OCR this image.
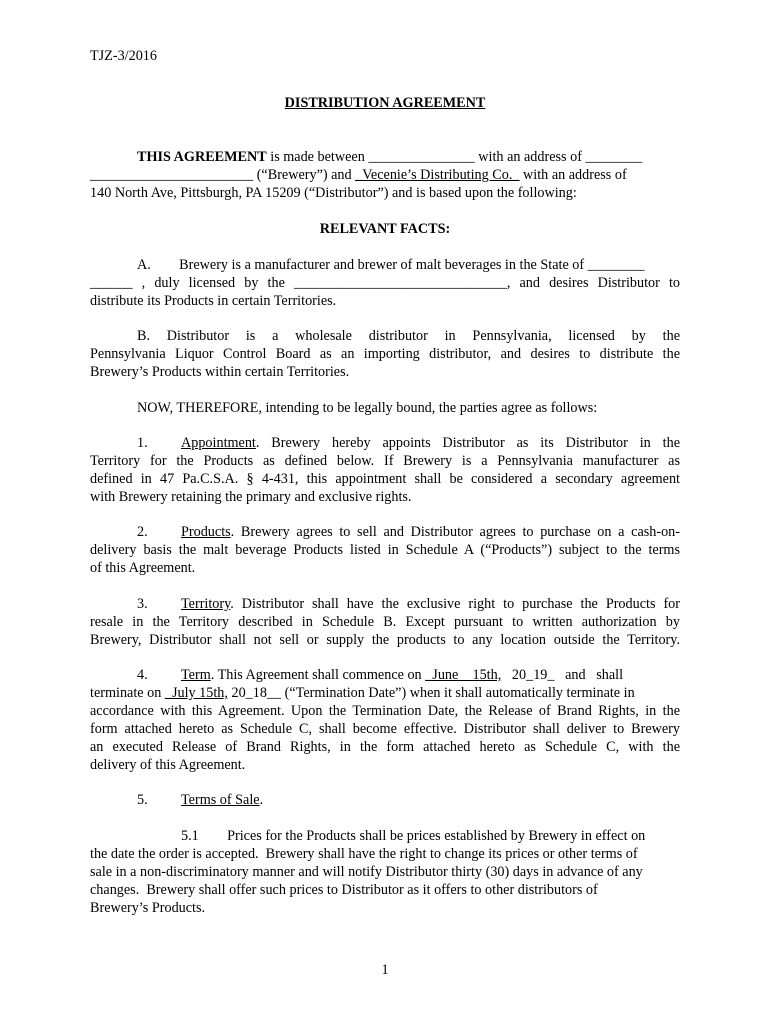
TJZ-3/2016
DISTRIBUTION AGREEMENT
THIS AGREEMENT is made between _______________ with an address of ________
_______________________ (“Brewery”) and _Vecenie’s Distributing Co._ with an address of
140 North Ave, Pittsburgh, PA 15209 (“Distributor”) and is based upon the following:
RELEVANT FACTS:
A.        Brewery is a manufacturer and brewer of malt beverages in the State of ________
______ , duly licensed by the ______________________________, and desires Distributor to
distribute its Products in certain Territories.
B. Distributor is a wholesale distributor in Pennsylvania, licensed by the
Pennsylvania Liquor Control Board as an importing distributor, and desires to distribute the
Brewery’s Products within certain Territories.
NOW, THEREFORE, intending to be legally bound, the parties agree as follows:
1.	Appointment. Brewery hereby appoints Distributor as its Distributor in the
Territory for the Products as defined below. If Brewery is a Pennsylvania manufacturer as
defined in 47 Pa.C.S.A. § 4-431, this appointment shall be considered a secondary agreement
with Brewery retaining the primary and exclusive rights.
2.	Products. Brewery agrees to sell and Distributor agrees to purchase on a cash-on-
delivery basis the malt beverage Products listed in Schedule A (“Products”) subject to the terms
of this Agreement.
3.	Territory. Distributor shall have the exclusive right to purchase the Products for
resale in the Territory described in Schedule B. Except pursuant to written authorization by
Brewery, Distributor shall not sell or supply the products to any location outside the Territory.
4.	Term. This Agreement shall commence on _June    15th,   20_19_   and   shall
terminate on _July 15th, 20_18__ (“Termination Date”) when it shall automatically terminate in
accordance with this Agreement. Upon the Termination Date, the Release of Brand Rights, in the
form attached hereto as Schedule C, shall become effective. Distributor shall deliver to Brewery
an executed Release of Brand Rights, in the form attached hereto as Schedule C, with the
delivery of this Agreement.
5.	Terms of Sale.
5.1        Prices for the Products shall be prices established by Brewery in effect on
the date the order is accepted.  Brewery shall have the right to change its prices or other terms of
sale in a non-discriminatory manner and will notify Distributor thirty (30) days in advance of any
changes.  Brewery shall offer such prices to Distributor as it offers to other distributors of
Brewery’s Products.
1
